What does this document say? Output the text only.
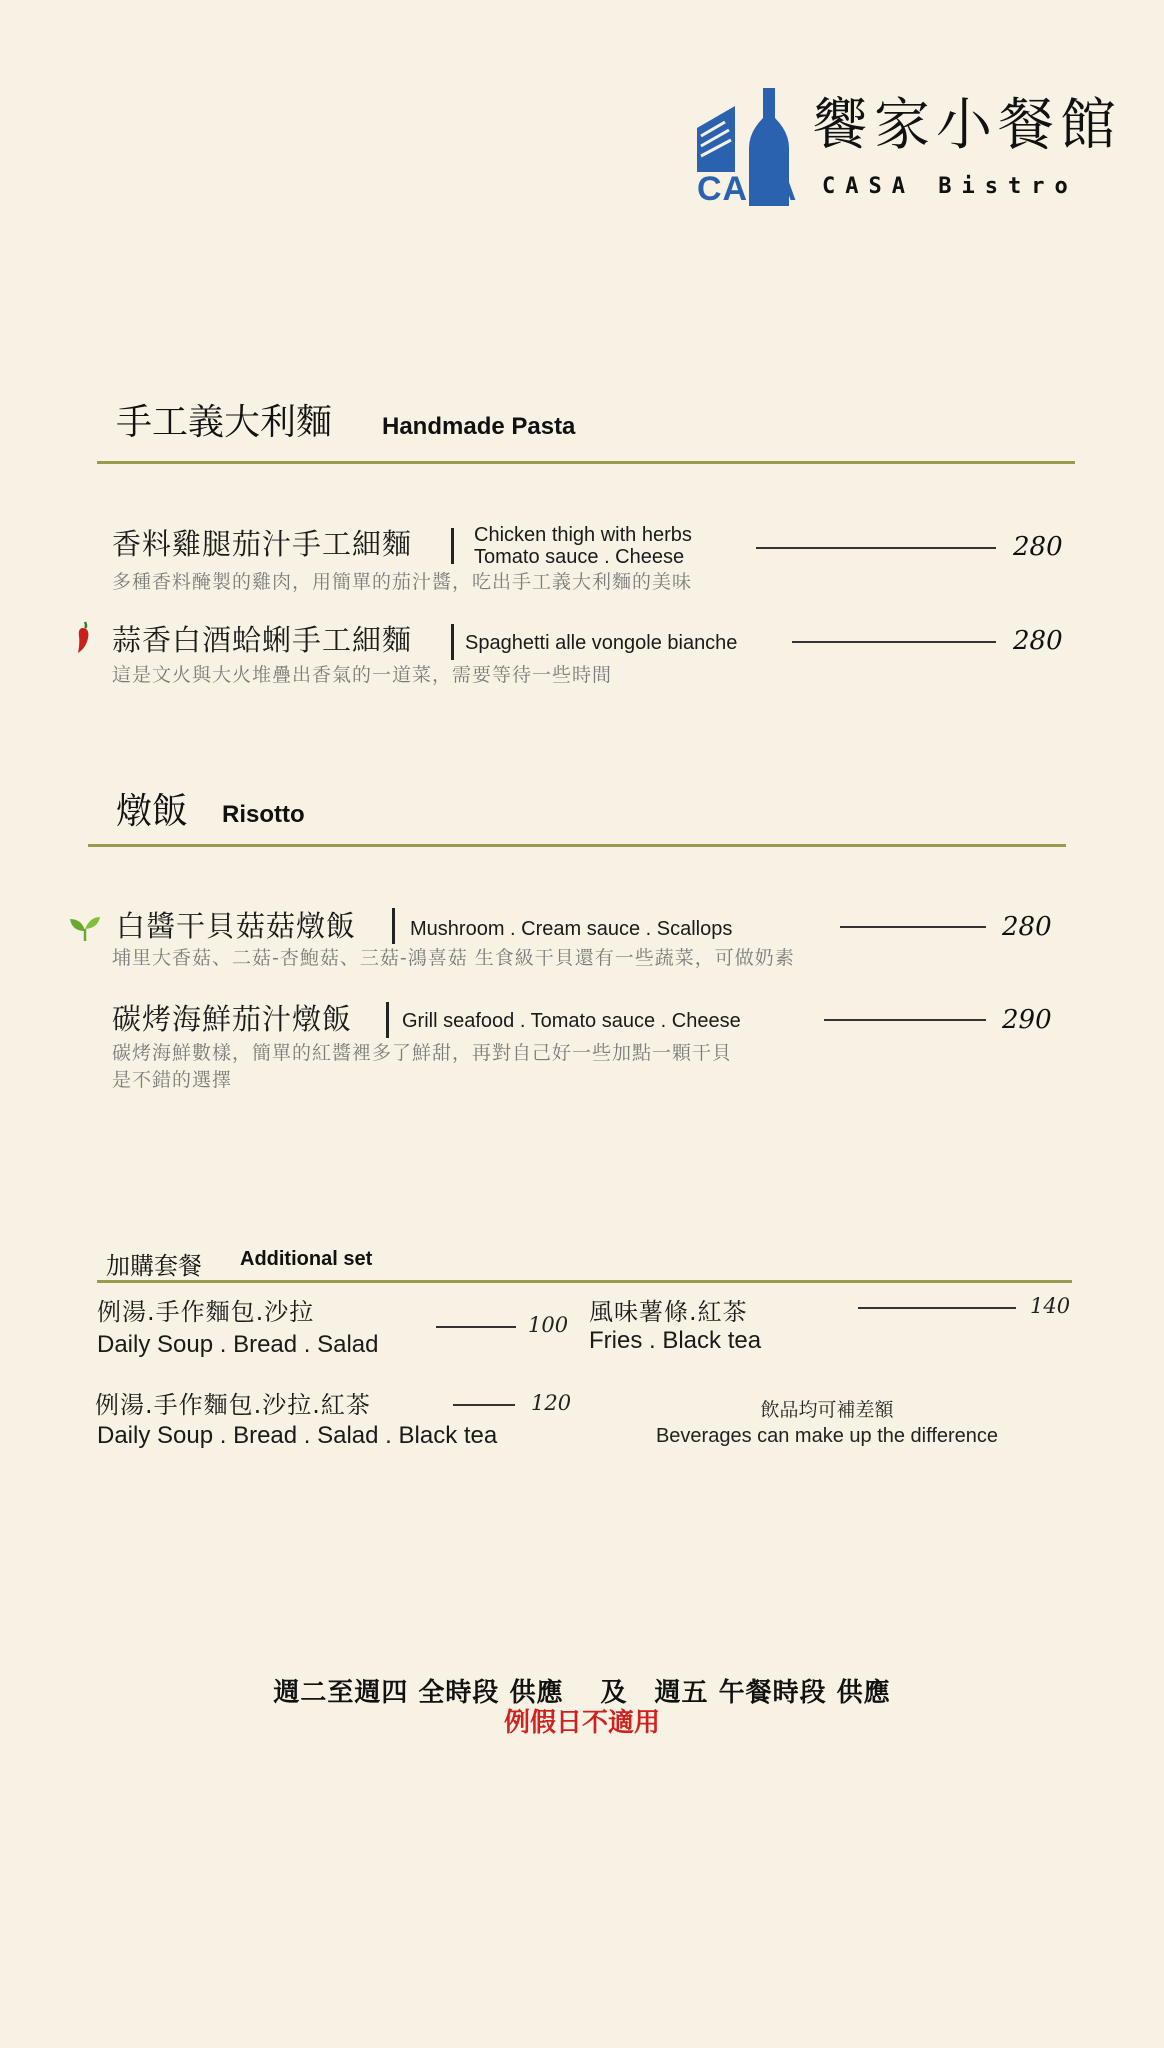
CASA
饗家小餐館
CASA Bistro
手工義大利麵 Handmade Pasta
香料雞腿茄汁手工細麵	Chicken thigh with herbs
Tomato sauce . Cheese	280
多種香料醃製的雞肉，用簡單的茄汁醬，吃出手工義大利麵的美味
蒜香白酒蛤蜊手工細麵	Spaghetti alle vongole bianche	280
這是文火與大火堆疊出香氣的一道菜，需要等待一些時間
燉飯 Risotto
白醬干貝菇菇燉飯	Mushroom . Cream sauce . Scallops	280
埔里大香菇、二菇-杏鮑菇、三菇-鴻喜菇 生食級干貝還有一些蔬菜，可做奶素
碳烤海鮮茄汁燉飯 Grill seafood . Tomato sauce . Cheese	290
碳烤海鮮數樣，簡單的紅醬裡多了鮮甜，再對自己好一些加點一顆干貝
是不錯的選擇
加購套餐 Additional set
例湯.手作麵包.沙拉
Daily Soup . Bread . Salad
100
例湯.手作麵包.沙拉.紅茶
Daily Soup . Bread . Salad . Black tea
120
風味薯條.紅茶
Fries . Black tea
140
飲品均可補差額
Beverages can make up the difference
週二至週四 全時段 供應　 及　週五 午餐時段 供應
例假日不適用
